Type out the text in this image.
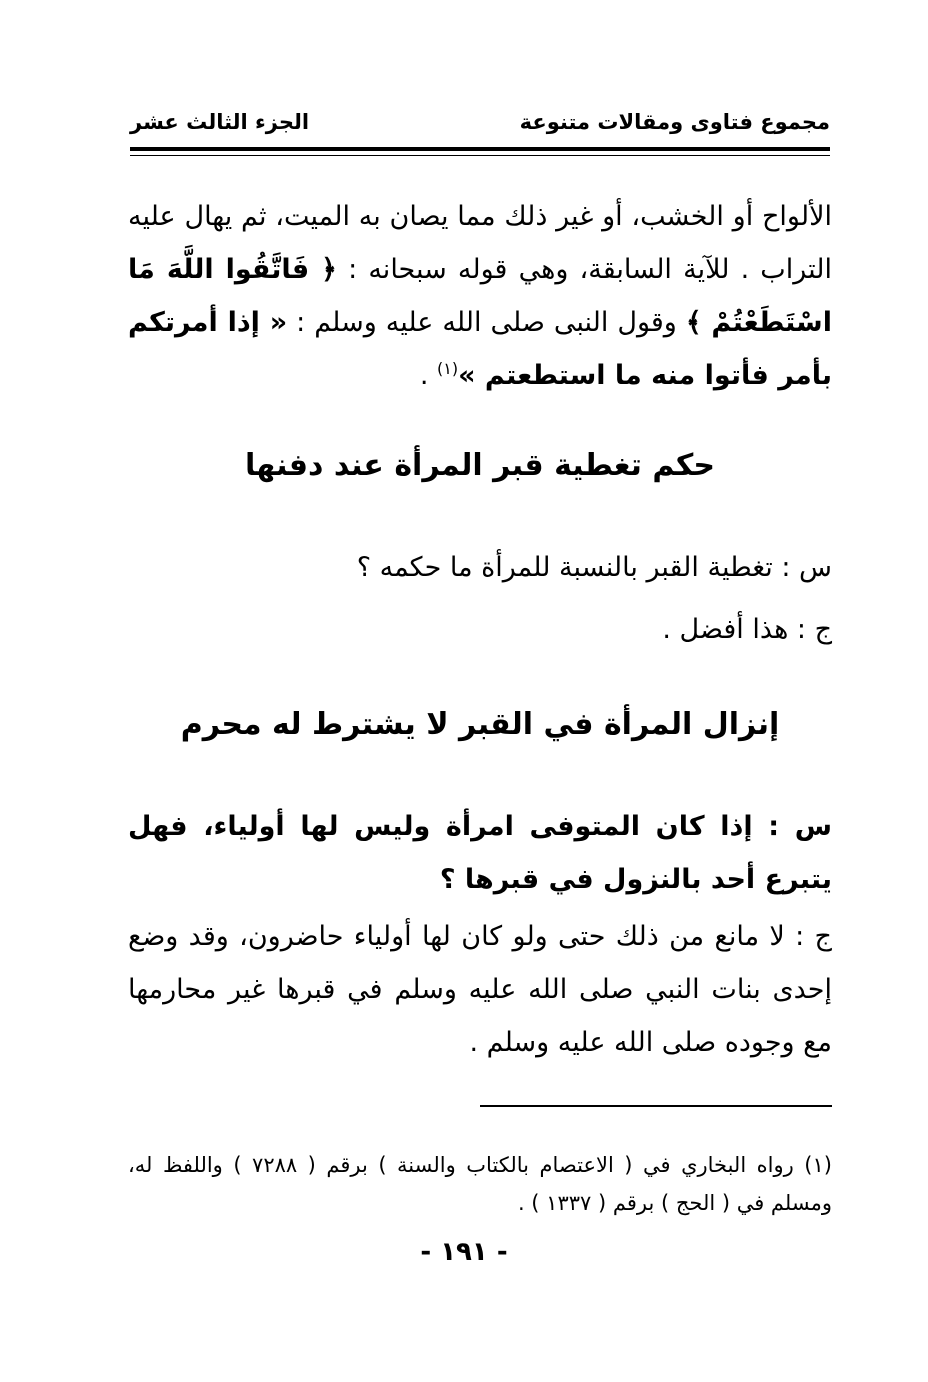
مجموع فتاوى ومقالات متنوعة
الجزء الثالث عشر
الألواح أو الخشب، أو غير ذلك مما يصان به الميت، ثم يهال عليه التراب . للآية السابقة، وهي قوله سبحانه : ﴿ فَاتَّقُوا اللَّهَ مَا اسْتَطَعْتُمْ ﴾ وقول النبى صلى الله عليه وسلم : « إذا أمرتكم بأمر فأتوا منه ما استطعتم »$^{(١)}$ .
حكم تغطية قبر المرأة عند دفنها
س : تغطية القبر بالنسبة للمرأة ما حكمه ؟
ج : هذا أفضل .
إنزال المرأة في القبر لا يشترط له محرم
س : إذا كان المتوفى امرأة وليس لها أولياء، فهل يتبرع أحد بالنزول في قبرها ؟
ج : لا مانع من ذلك حتى ولو كان لها أولياء حاضرون، وقد وضع إحدى بنات النبي صلى الله عليه وسلم في قبرها غير محارمها مع وجوده صلى الله عليه وسلم .
(١) رواه البخاري في ( الاعتصام بالكتاب والسنة ) برقم ( ٧٢٨٨ ) واللفظ له، ومسلم في ( الحج ) برقم ( ١٣٣٧ ) .
- ١٩١ -
